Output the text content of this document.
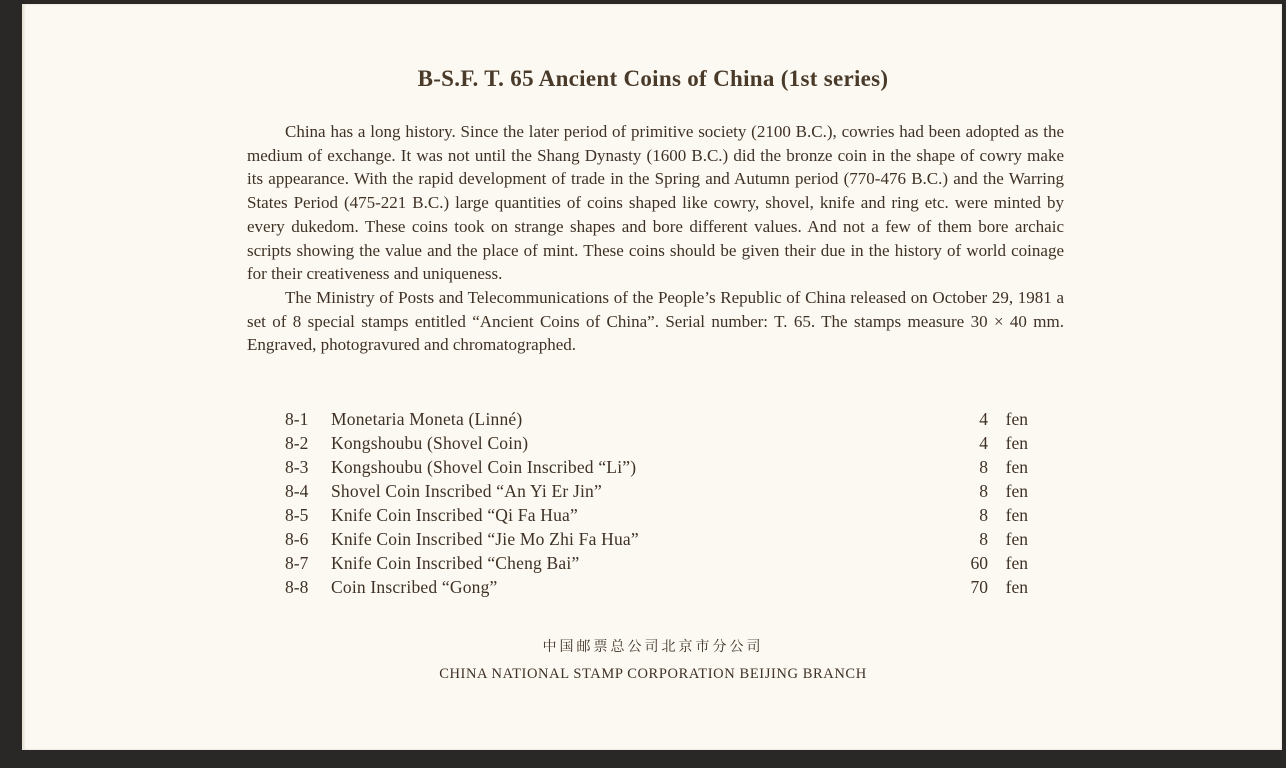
B-S.F. T. 65 Ancient Coins of China (1st series)

China has a long history. Since the later period of primitive society (2100 B.C.), cowries had been adopted as the medium of exchange. It was not until the Shang Dynasty (1600 B.C.) did the bronze coin in the shape of cowry make its appearance. With the rapid development of trade in the Spring and Autumn period (770-476 B.C.) and the Warring States Period (475-221 B.C.) large quantities of coins shaped like cowry, shovel, knife and ring etc. were minted by every dukedom. These coins took on strange shapes and bore different values. And not a few of them bore archaic scripts showing the value and the place of mint. These coins should be given their due in the history of world coinage for their creativeness and uniqueness.

The Ministry of Posts and Telecommunications of the People’s Republic of China released on October 29, 1981 a set of 8 special stamps entitled “Ancient Coins of China”. Serial number: T. 65. The stamps measure 30 × 40 mm. Engraved, photogravured and chromatographed.

8-1	Monetaria Moneta (Linné)	4	fen
8-2	Kongshoubu (Shovel Coin)	4	fen
8-3	Kongshoubu (Shovel Coin Inscribed “Li”)	8	fen
8-4	Shovel Coin Inscribed “An Yi Er Jin”	8	fen
8-5	Knife Coin Inscribed “Qi Fa Hua”	8	fen
8-6	Knife Coin Inscribed “Jie Mo Zhi Fa Hua”	8	fen
8-7	Knife Coin Inscribed “Cheng Bai”	60	fen
8-8	Coin Inscribed “Gong”	70	fen
中国邮票总公司北京市分公司
CHINA NATIONAL STAMP CORPORATION BEIJING BRANCH
